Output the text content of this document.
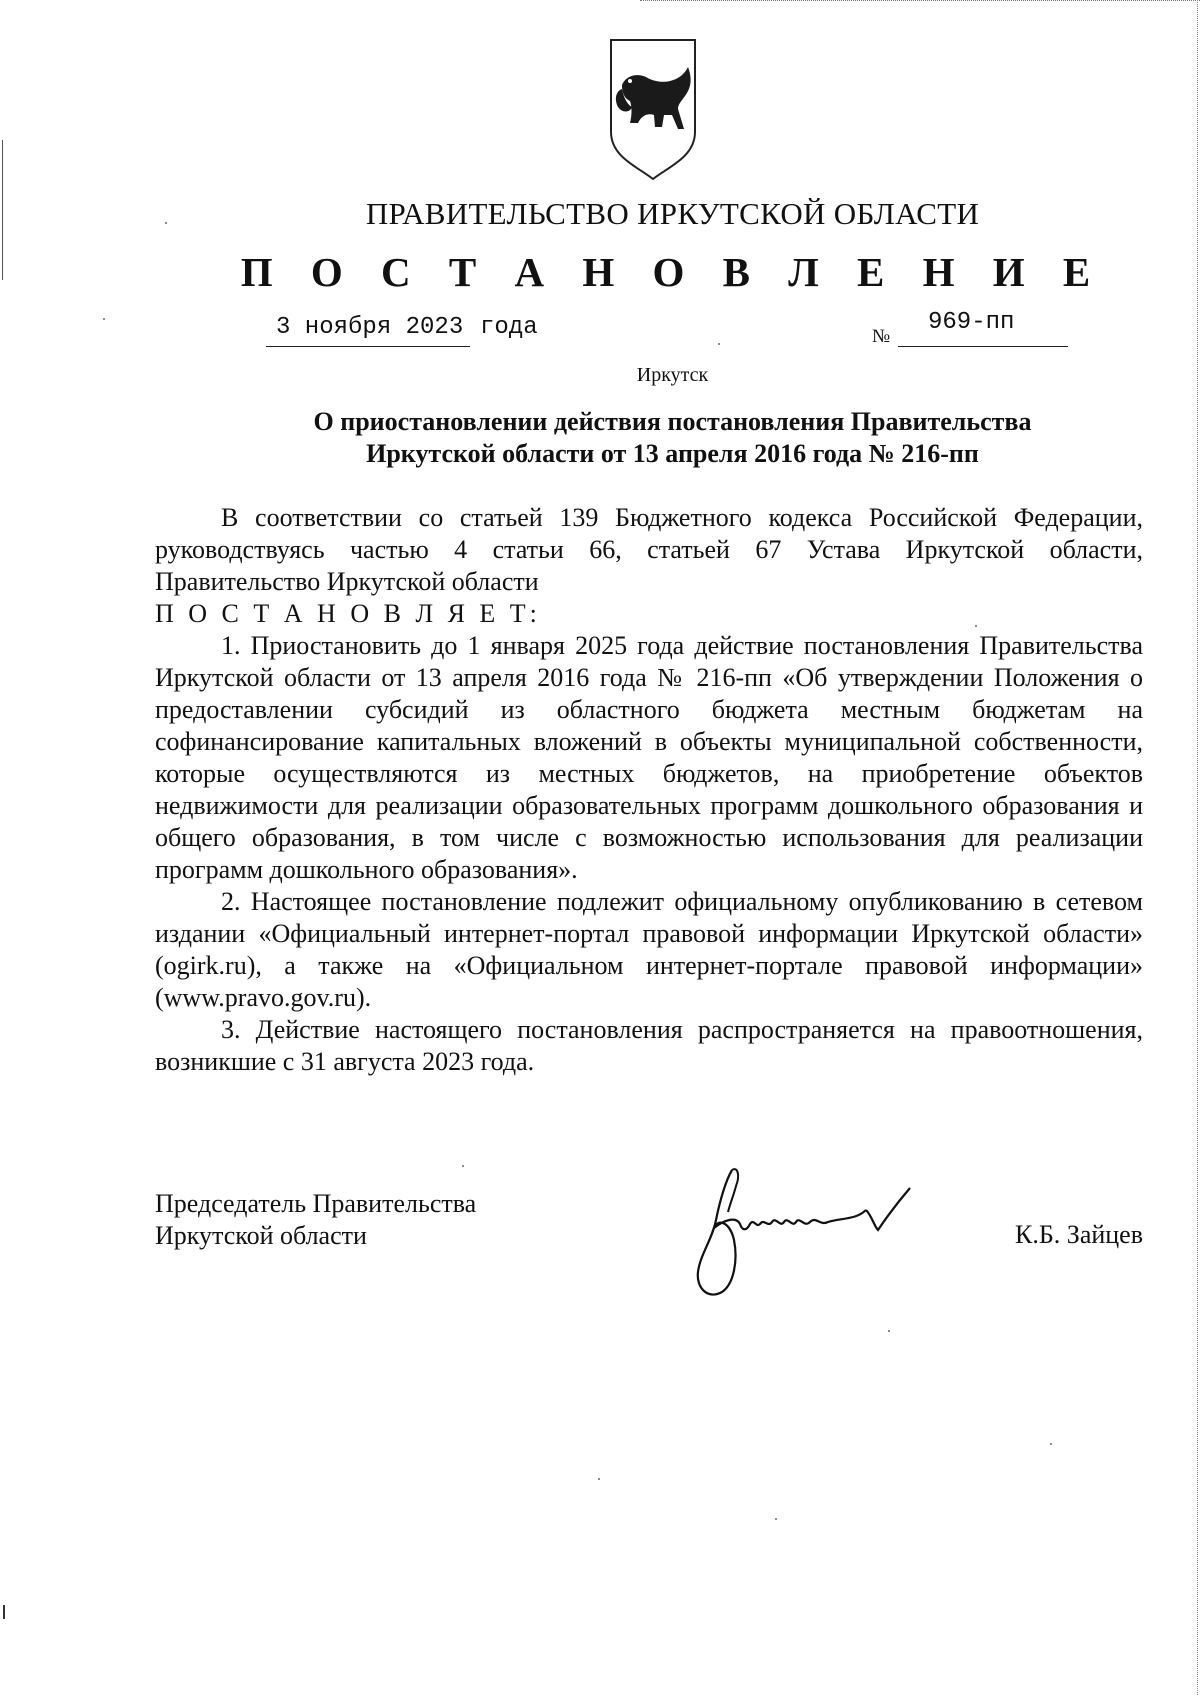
ПРАВИТЕЛЬСТВО ИРКУТСКОЙ ОБЛАСТИ
П О С Т А Н О В Л Е Н И Е
3 ноября 2023 года	№
969-пп
Иркутск
О приостановлении действия постановления Правительства
Иркутской области от 13 апреля 2016 года № 216-пп

В соответствии со статьей 139 Бюджетного кодекса Российской Федерации, руководствуясь частью 4 статьи 66, статьей 67 Устава Иркутской области, Правительство Иркутской области

П О С Т А Н О В Л Я Е Т:

1. Приостановить до 1 января 2025 года действие постановления Правительства Иркутской области от 13 апреля 2016 года № 216-пп «Об утверждении Положения о предоставлении субсидий из областного бюджета местным бюджетам на софинансирование капитальных вложений в объекты муниципальной собственности, которые осуществляются из местных бюджетов, на приобретение объектов недвижимости для реализации образовательных программ дошкольного образования и общего образования, в том числе с возможностью использования для реализации программ дошкольного образования».

2. Настоящее постановление подлежит официальному опубликованию в сетевом издании «Официальный интернет-портал правовой информации Иркутской области» (ogirk.ru), а также на «Официальном интернет-портале правовой информации» (www.pravo.gov.ru).

3. Действие настоящего постановления распространяется на правоотношения, возникшие с 31 августа 2023 года.

Председатель Правительства
Иркутской области	К.Б. Зайцев
